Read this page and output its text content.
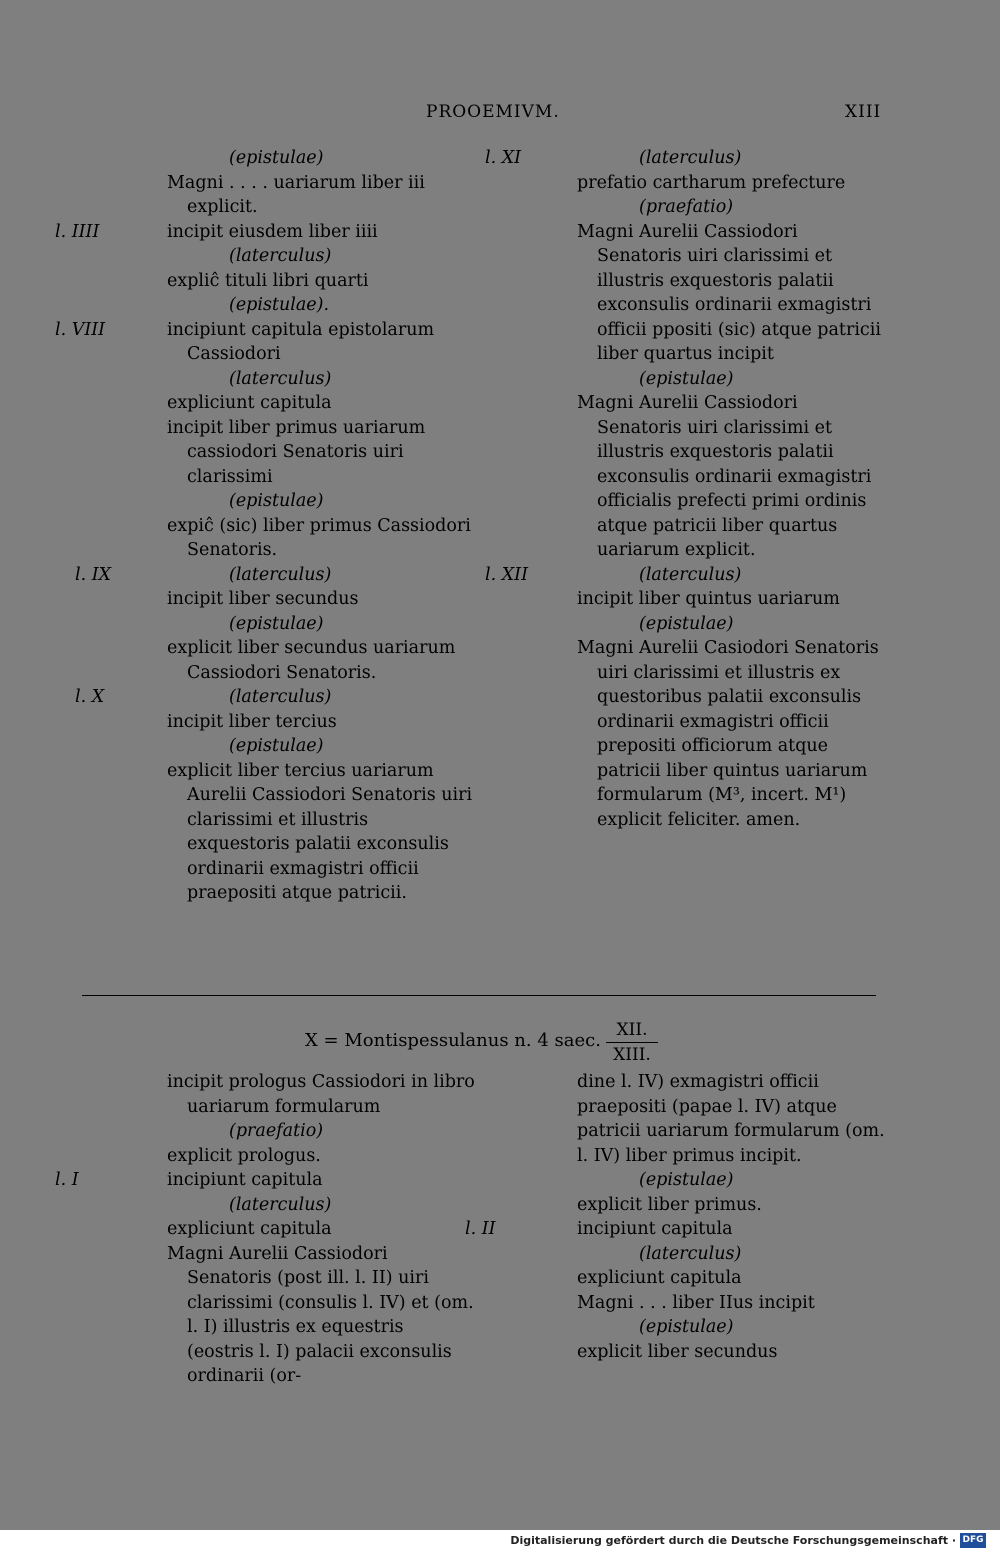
PROOEMIVM.	XIII
(epistulae)
Magni . . . . uariarum liber iii explicit.
l. IIII	incipit eiusdem liber iiii
(laterculus)
expliĉ tituli libri quarti
(epistulae).
l. VIII	incipiunt capitula epistolarum Cassiodori
(laterculus)
expliciunt capitula
incipit liber primus uariarum cassiodori Senatoris uiri clarissimi
(epistulae)
expiĉ (sic) liber primus Cassiodori Senatoris.
l. IX	(laterculus)
incipit liber secundus
(epistulae)
explicit liber secundus uariarum Cassiodori Senatoris.
l. X	(laterculus)
incipit liber tercius
(epistulae)
explicit liber tercius uariarum Aurelii Cassiodori Senatoris uiri clarissimi et illustris exquestoris palatii exconsulis ordinarii exmagistri officii praepositi atque patricii.
l. XI	(laterculus)
prefatio cartharum prefecture
(praefatio)
Magni Aurelii Cassiodori Senatoris uiri clarissimi et illustris exquestoris palatii exconsulis ordinarii exmagistri officii ppositi (sic) atque patricii liber quartus incipit
(epistulae)
Magni Aurelii Cassiodori Senatoris uiri clarissimi et illustris exquestoris palatii exconsulis ordinarii exmagistri officialis prefecti primi ordinis atque patricii liber quartus uariarum explicit.
l. XII	(laterculus)
incipit liber quintus uariarum
(epistulae)
Magni Aurelii Casiodori Senatoris uiri clarissimi et illustris ex questoribus palatii exconsulis ordinarii exmagistri officii prepositi officiorum atque patricii liber quintus uariarum formularum (M³, incert. M¹) explicit feliciter. amen.
X = Montispessulanus n. 4 saec. XII.
XIII.
incipit prologus Cassiodori in libro uariarum formularum
(praefatio)
explicit prologus.
l. I	incipiunt capitula
(laterculus)
expliciunt capitula
Magni Aurelii Cassiodori Senatoris (post ill. l. II) uiri clarissimi (consulis l. IV) et (om. l. I) illustris ex equestris (eostris l. I) palacii exconsulis ordinarii (or-
dine l. IV) exmagistri officii praepositi (papae l. IV) atque patricii uariarum formularum (om. l. IV) liber primus incipit.
(epistulae)
explicit liber primus.
l. II	incipiunt capitula
(laterculus)
expliciunt capitula
Magni . . . liber IIus incipit
(epistulae)
explicit liber secundus
Digitalisierung gefördert durch die Deutsche Forschungsgemeinschaft · DFG
